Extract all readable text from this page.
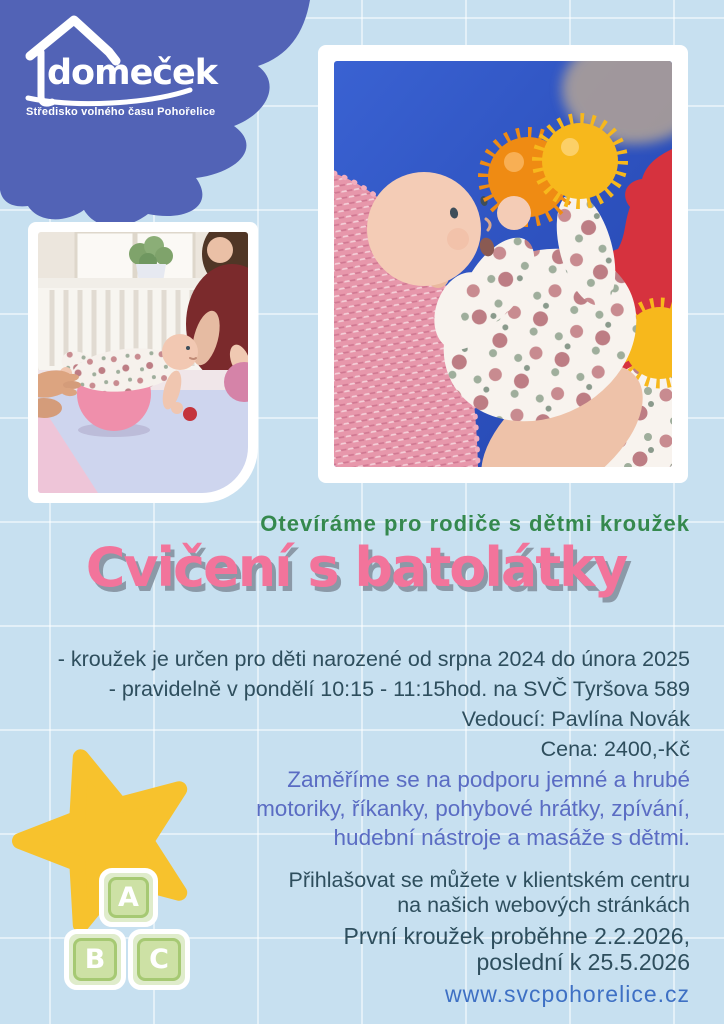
domeček
Středisko volného času Pohořelice
Otevíráme pro rodiče s dětmi kroužek
Cvičení s batolátky
- kroužek je určen pro děti narozené od srpna 2024 do února 2025
- pravidelně v pondělí 10:15 - 11:15hod. na SVČ Tyršova 589
Vedoucí: Pavlína Novák
Cena: 2400,-Kč
Zaměříme se na podporu jemné a hrubé
motoriky, říkanky, pohybové hrátky, zpívání,
hudební nástroje a masáže s dětmi.
Přihlašovat se můžete v klientském centru
na našich webových stránkách
První kroužek proběhne 2.2.2026,
poslední k 25.5.2026
www.svcpohorelice.cz
A
B	C
